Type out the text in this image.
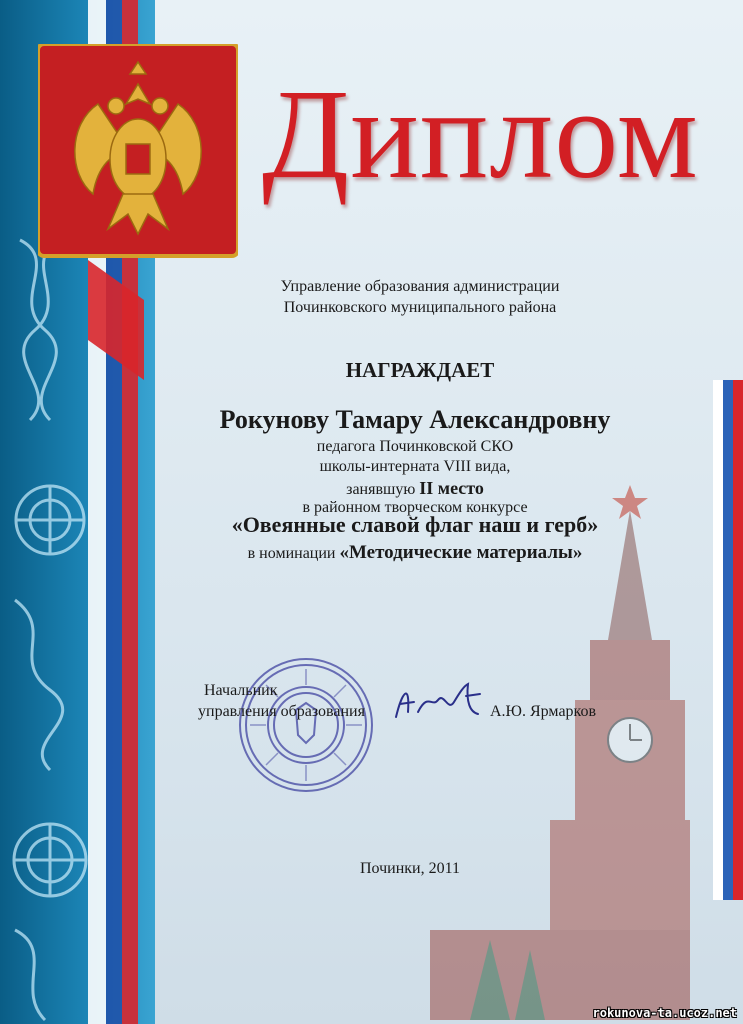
Диплом
Управление образования администрации
Починковского муниципального района
НАГРАЖДАЕТ
Рокунову Тамару Александровну
педагога Починковской СКО
школы-интерната VIII вида,
занявшую II место
в районном творческом конкурсе
«Овеянные славой флаг наш и герб»
в номинации «Методические материалы»
Начальник
управления образования	А.Ю. Ярмарков
Починки, 2011
rokunova-ta.ucoz.net
